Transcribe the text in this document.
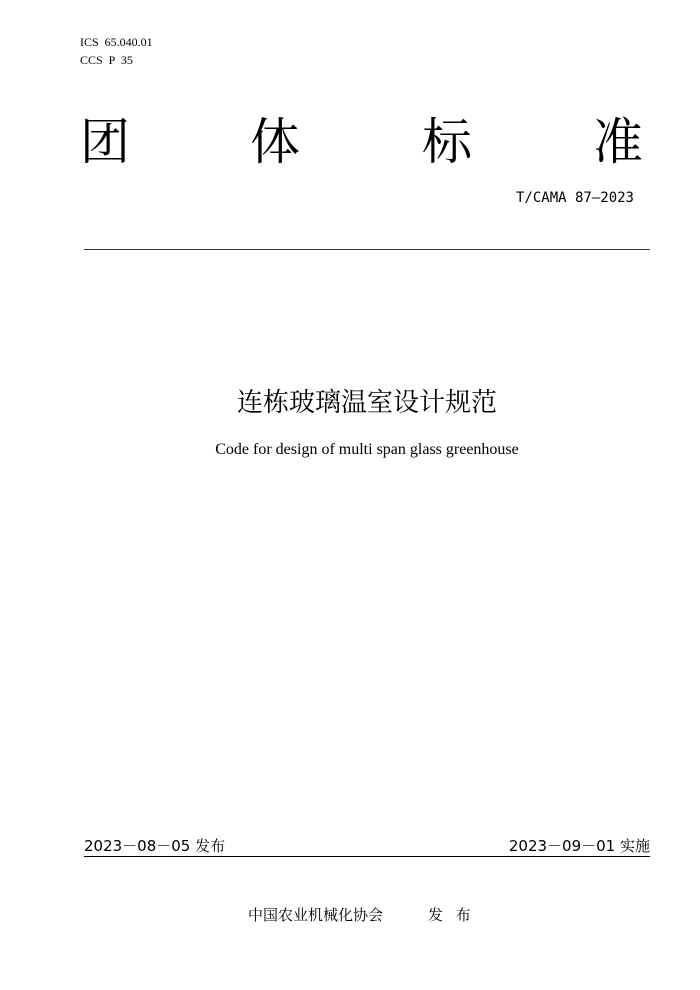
ICS  65.040.01
CCS  P  35
团 体 标 准
T/CAMA 87—2023
连栋玻璃温室设计规范
Code for design of multi span glass greenhouse
2023－08－05 发布	2023－09－01 实施
中国农业机械化协会	发 布
